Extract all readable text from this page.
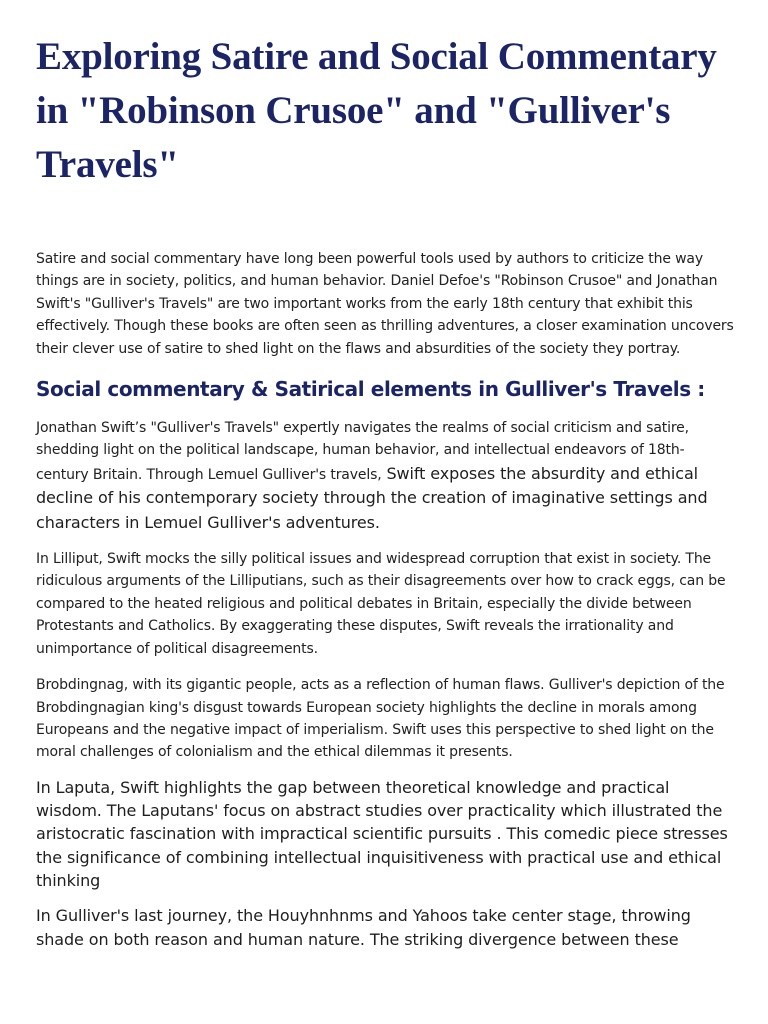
Exploring Satire and Social Commentary in "Robinson Crusoe" and "Gulliver's Travels"

Satire and social commentary have long been powerful tools used by authors to criticize the way things are in society, politics, and human behavior. Daniel Defoe's "Robinson Crusoe" and Jonathan Swift's "Gulliver's Travels" are two important works from the early 18th century that exhibit this effectively. Though these books are often seen as thrilling adventures, a closer examination uncovers their clever use of satire to shed light on the flaws and absurdities of the society they portray.

Social commentary & Satirical elements in Gulliver's Travels :

Jonathan Swift’s "Gulliver's Travels" expertly navigates the realms of social criticism and satire, shedding light on the political landscape, human behavior, and intellectual endeavors of 18th-century Britain. Through Lemuel Gulliver's travels, Swift exposes the absurdity and ethical decline of his contemporary society through the creation of imaginative settings and characters in Lemuel Gulliver's adventures.

In Lilliput, Swift mocks the silly political issues and widespread corruption that exist in society. The ridiculous arguments of the Lilliputians, such as their disagreements over how to crack eggs, can be compared to the heated religious and political debates in Britain, especially the divide between Protestants and Catholics. By exaggerating these disputes, Swift reveals the irrationality and unimportance of political disagreements.

Brobdingnag, with its gigantic people, acts as a reflection of human flaws. Gulliver's depiction of the Brobdingnagian king's disgust towards European society highlights the decline in morals among Europeans and the negative impact of imperialism. Swift uses this perspective to shed light on the moral challenges of colonialism and the ethical dilemmas it presents.

In Laputa, Swift highlights the gap between theoretical knowledge and practical wisdom. The Laputans' focus on abstract studies over practicality which illustrated the aristocratic fascination with impractical scientific pursuits . This comedic piece stresses the significance of combining intellectual inquisitiveness with practical use and ethical thinking

In Gulliver's last journey, the Houyhnhnms and Yahoos take center stage, throwing shade on both reason and human nature. The striking divergence between these
